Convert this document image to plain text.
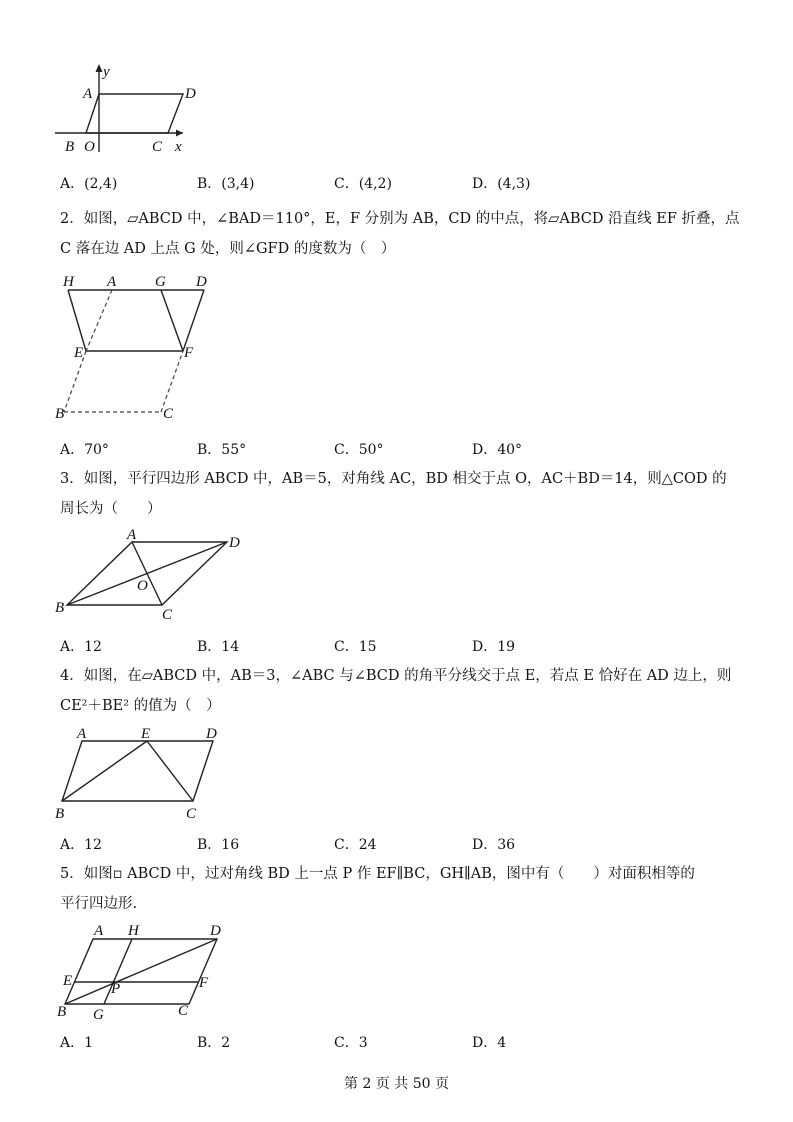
y
A	D
B O	C x
A．(2,4)	B．(3,4)	C．(4,2)	D．(4,3)
2．如图，▱ABCD 中，∠BAD＝110°，E，F 分别为 AB，CD 的中点，将▱ABCD 沿直线 EF 折叠，点
C 落在边 AD 上点 G 处，则∠GFD 的度数为（　）
H A	G D
E	F
B	C
A．70°	B．55°	C．50°	D．40°
3．如图，平行四边形 ABCD 中，AB＝5，对角线 AC，BD 相交于点 O，AC＋BD＝14，则△COD 的
周长为（　　）
A	D
O
B	C
A．12	B．14	C．15	D．19
4．如图，在▱ABCD 中，AB＝3，∠ABC 与∠BCD 的角平分线交于点 E，若点 E 恰好在 AD 边上，则
CE²＋BE² 的值为（　）
A	E	D
B	C
A．12	B．16	C．24	D．36
5．如图▫ ABCD 中，过对角线 BD 上一点 P 作 EF∥BC，GH∥AB，图中有（　　）对面积相等的
平行四边形.
A H	D
E	P	F
B G	C
A．1	B．2	C．3	D．4
第 2 页 共 50 页
